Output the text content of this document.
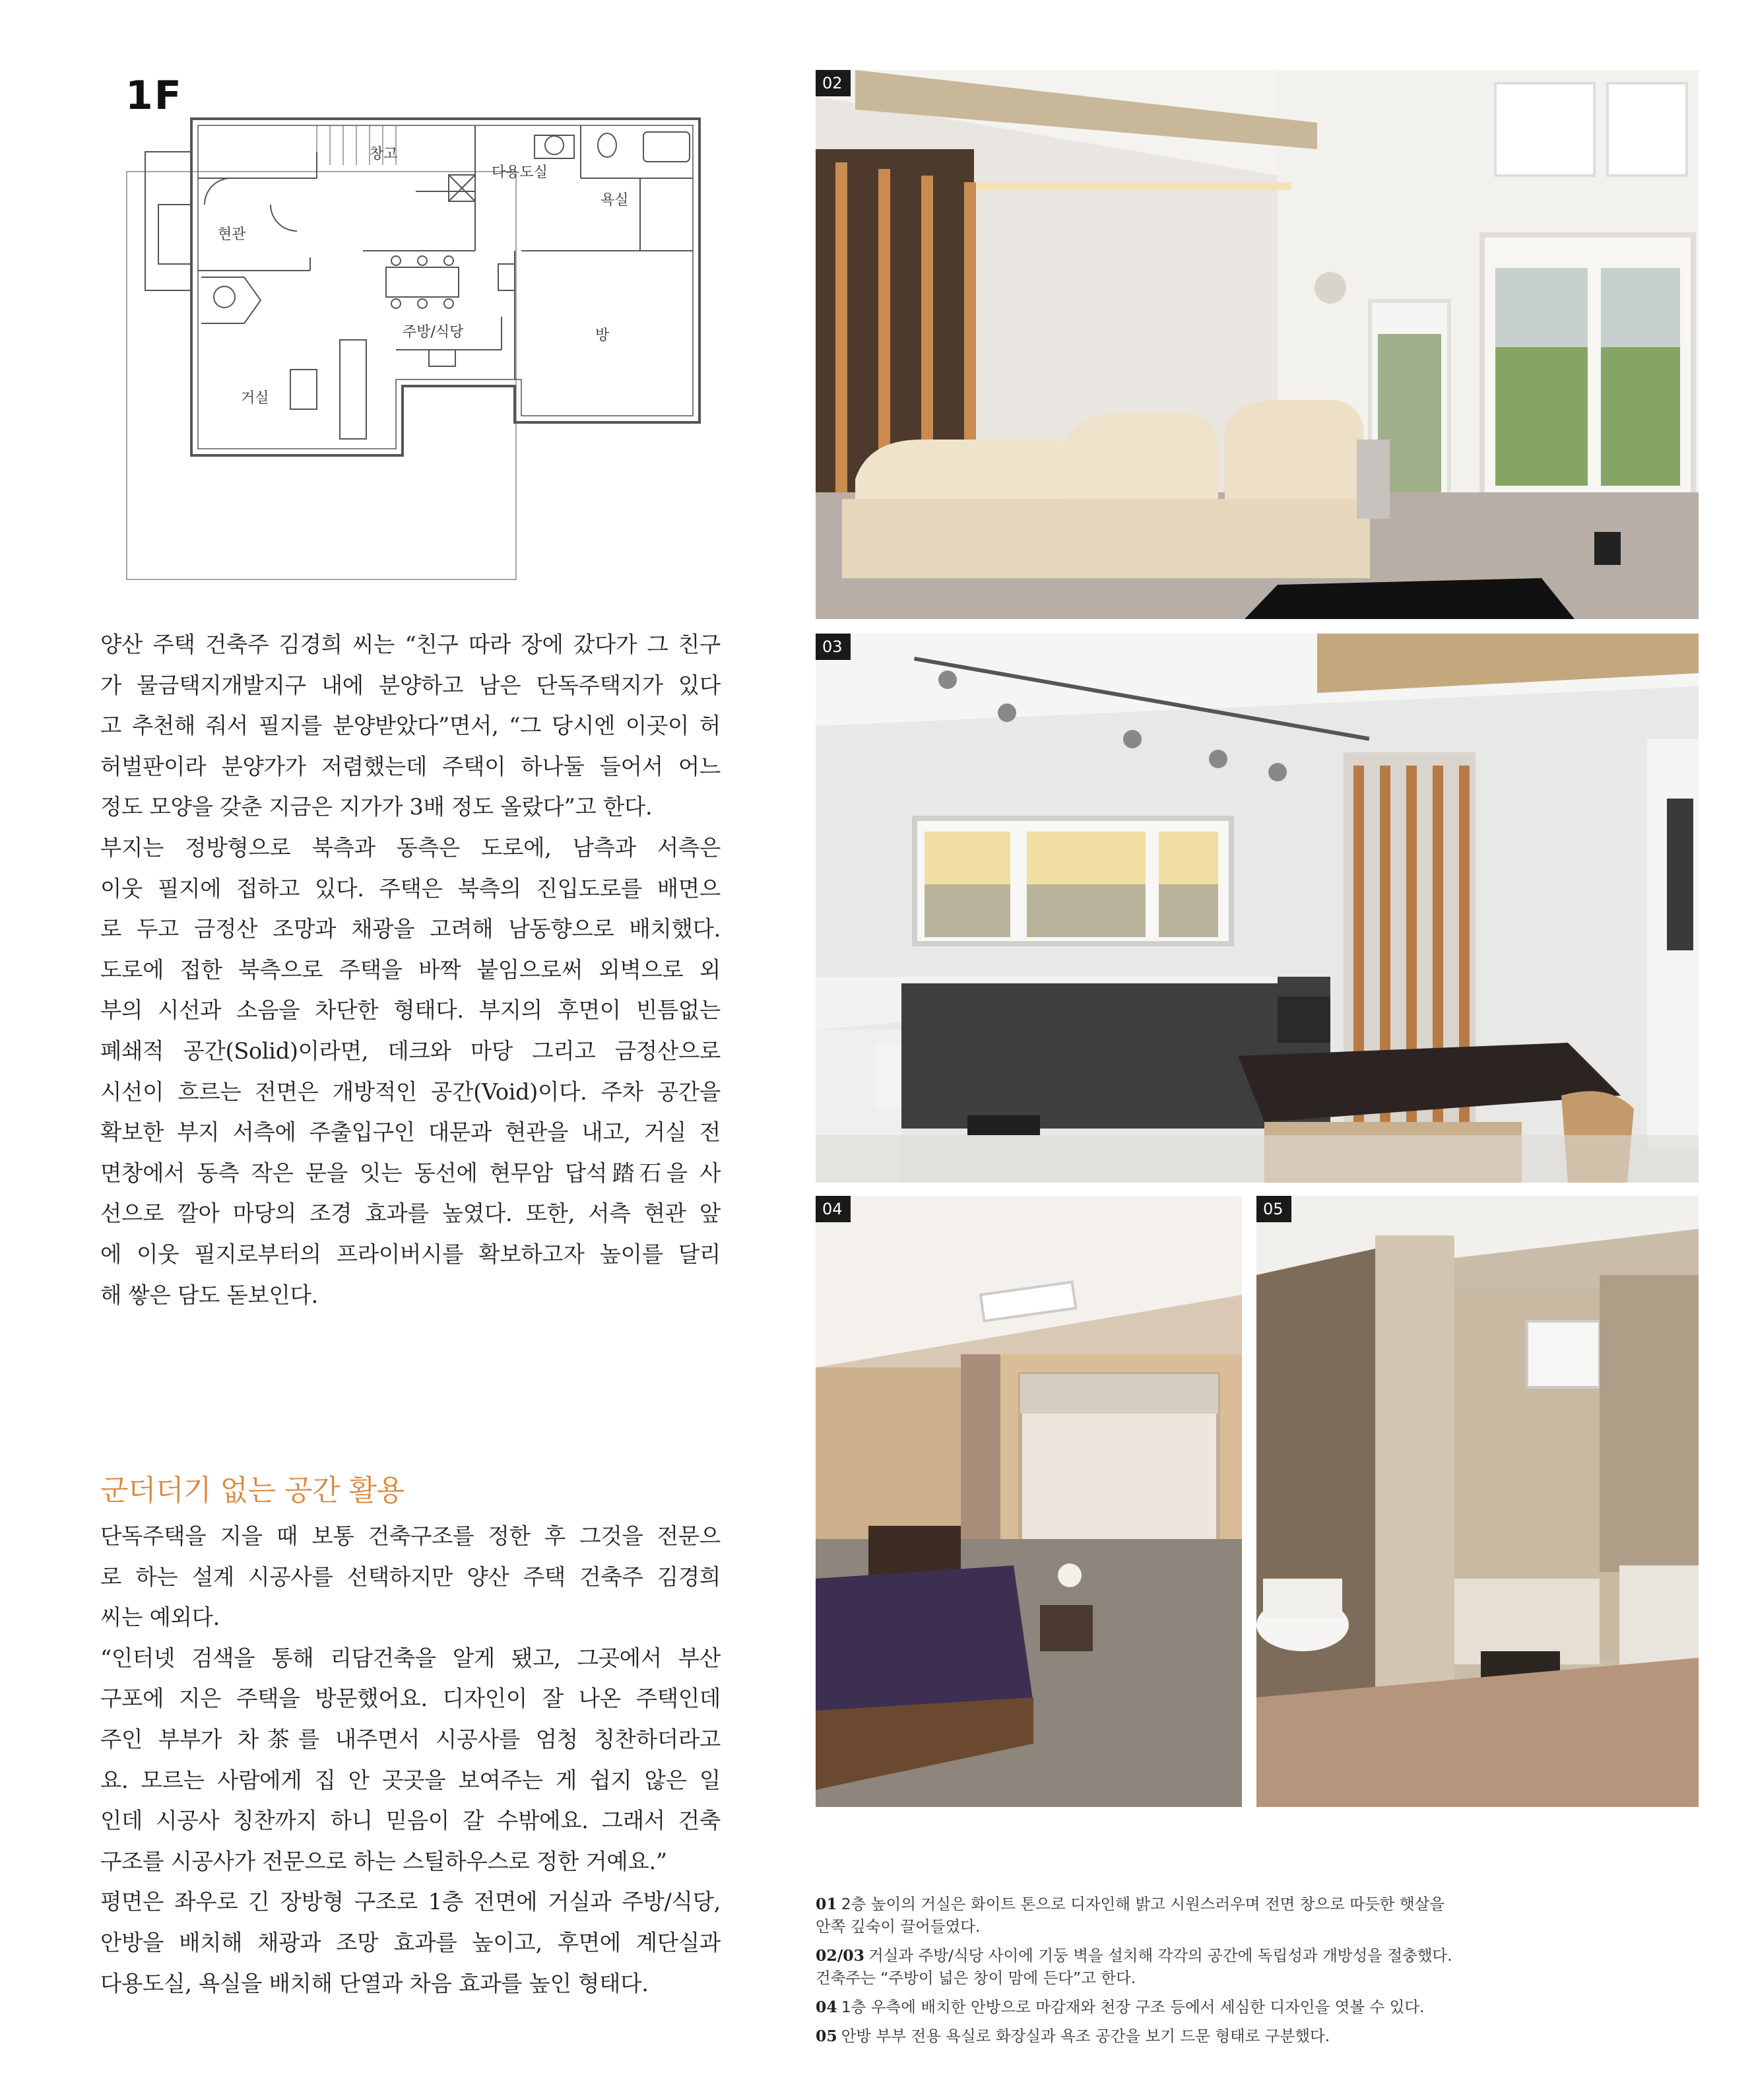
1F
창고
다용도실
욕실
현관
주방/식당	방
거실

양산 주택 건축주 김경희 씨는 “친구 따라 장에 갔다가 그 친구
가 물금택지개발지구 내에 분양하고 남은 단독주택지가 있다
고 추천해 줘서 필지를 분양받았다”면서, “그 당시엔 이곳이 허
허벌판이라 분양가가 저렴했는데 주택이 하나둘 들어서 어느
정도 모양을 갖춘 지금은 지가가 3배 정도 올랐다”고 한다.

부지는 정방형으로 북측과 동측은 도로에, 남측과 서측은
이웃 필지에 접하고 있다. 주택은 북측의 진입도로를 배면으
로 두고 금정산 조망과 채광을 고려해 남동향으로 배치했다.
도로에 접한 북측으로 주택을 바짝 붙임으로써 외벽으로 외
부의 시선과 소음을 차단한 형태다. 부지의 후면이 빈틈없는
폐쇄적 공간(Solid)이라면, 데크와 마당 그리고 금정산으로
시선이 흐르는 전면은 개방적인 공간(Void)이다. 주차 공간을
확보한 부지 서측에 주출입구인 대문과 현관을 내고, 거실 전
면창에서 동측 작은 문을 잇는 동선에 현무암 답석踏石을 사
선으로 깔아 마당의 조경 효과를 높였다. 또한, 서측 현관 앞
에 이웃 필지로부터의 프라이버시를 확보하고자 높이를 달리
해 쌓은 담도 돋보인다.

군더더기 없는 공간 활용
단독주택을 지을 때 보통 건축구조를 정한 후 그것을 전문으
로 하는 설계 시공사를 선택하지만 양산 주택 건축주 김경희
씨는 예외다.
“인터넷 검색을 통해 리담건축을 알게 됐고, 그곳에서 부산
구포에 지은 주택을 방문했어요. 디자인이 잘 나온 주택인데
주인 부부가 차茶를 내주면서 시공사를 엄청 칭찬하더라고
요. 모르는 사람에게 집 안 곳곳을 보여주는 게 쉽지 않은 일
인데 시공사 칭찬까지 하니 믿음이 갈 수밖에요. 그래서 건축
구조를 시공사가 전문으로 하는 스틸하우스로 정한 거예요.”
평면은 좌우로 긴 장방형 구조로 1층 전면에 거실과 주방/식당,
안방을 배치해 채광과 조망 효과를 높이고, 후면에 계단실과
다용도실, 욕실을 배치해 단열과 차음 효과를 높인 형태다.
02
03
04	05
01 2층 높이의 거실은 화이트 톤으로 디자인해 밝고 시원스러우며 전면 창으로 따듯한 햇살을
안쪽 깊숙이 끌어들였다.
02/03 거실과 주방/식당 사이에 기둥 벽을 설치해 각각의 공간에 독립성과 개방성을 절충했다.
건축주는 “주방이 넓은 창이 맘에 든다”고 한다.
04 1층 우측에 배치한 안방으로 마감재와 천장 구조 등에서 세심한 디자인을 엿볼 수 있다.
05 안방 부부 전용 욕실로 화장실과 욕조 공간을 보기 드문 형태로 구분했다.
